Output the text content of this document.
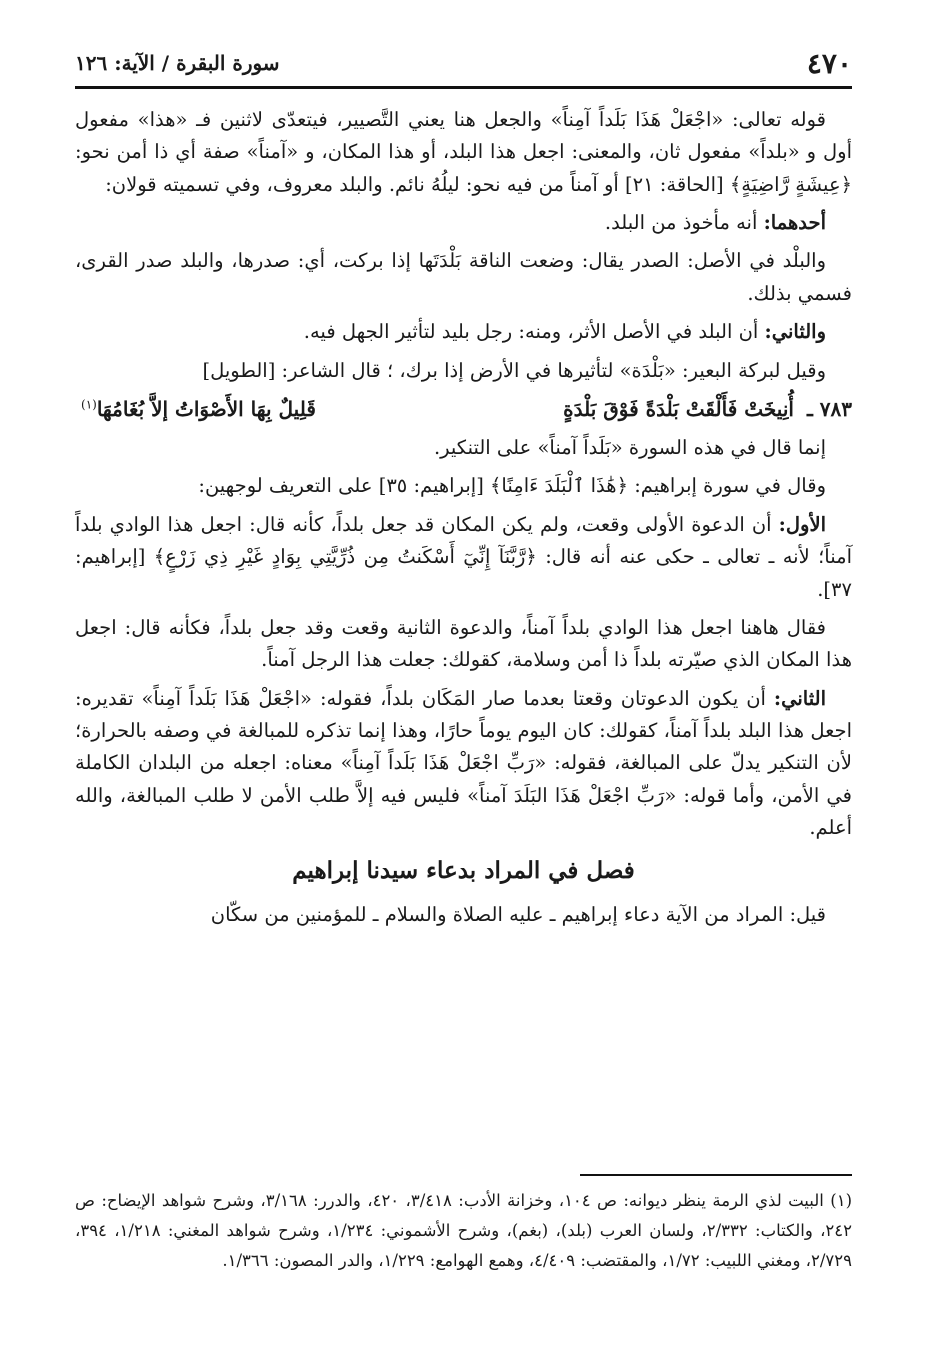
٤٧٠
سورة البقرة / الآية: ١٢٦

قوله تعالى: «اجْعَلْ هَذَا بَلَداً آمِناً» والجعل هنا يعني التَّصيير، فيتعدّى لاثنين فـ «هذا» مفعول أول و «بلداً» مفعول ثان، والمعنى: اجعل هذا البلد، أو هذا المكان، و «آمناً» صفة أي ذا أمن نحو: ﴿عِيشَةٍ رَّاضِيَةٍ﴾ [الحاقة: ٢١] أو آمناً من فيه نحو: ليلُهُ نائم. والبلد معروف، وفي تسميته قولان:

أحدهما: أنه مأخوذ من البلد.

والبلْد في الأصل: الصدر يقال: وضعت الناقة بَلْدَتَها إذا بركت، أي: صدرها، والبلد صدر القرى، فسمي بذلك.

والثاني: أن البلد في الأصل الأثر، ومنه: رجل بليد لتأثير الجهل فيه.

وقيل لبركة البعير: «بَلْدَة» لتأثيرها في الأرض إذا برك، ؛ قال الشاعر: [الطويل]

٧٨٣ ـ أُنِيخَتْ فَأَلْقَتْ بَلْدَةً فَوْقَ بَلْدَةٍ
قَلِيلٌ بِهَا الأَصْوَاتُ إلاَّ بُغَامُهَا$^{(١)}$

إنما قال في هذه السورة «بَلَداً آمناً» على التنكير.

وقال في سورة إبراهيم: ﴿هَٰذَا ٱلْبَلَدَ ءَامِنًا﴾ [إبراهيم: ٣٥] على التعريف لوجهين:

الأول: أن الدعوة الأولى وقعت، ولم يكن المكان قد جعل بلداً، كأنه قال: اجعل هذا الوادي بلداً آمناً؛ لأنه ـ تعالى ـ حكى عنه أنه قال: ﴿رَّبَّنَآ إِنِّيٓ أَسْكَنتُ مِن ذُرِّيَّتِي بِوَادٍ غَيْرِ ذِي زَرْعٍ﴾ [إبراهيم: ٣٧].

فقال هاهنا اجعل هذا الوادي بلداً آمناً، والدعوة الثانية وقعت وقد جعل بلداً، فكأنه قال: اجعل هذا المكان الذي صيّرته بلداً ذا أمن وسلامة، كقولك: جعلت هذا الرجل آمناً.

الثاني: أن يكون الدعوتان وقعتا بعدما صار المَكَان بلداً، فقوله: «اجْعَلْ هَذَا بَلَداً آمِناً» تقديره: اجعل هذا البلد بلداً آمناً، كقولك: كان اليوم يوماً حارًا، وهذا إنما تذكره للمبالغة في وصفه بالحرارة؛ لأن التنكير يدلّ على المبالغة، فقوله: «رَبِّ اجْعَلْ هَذَا بَلَداً آمِناً» معناه: اجعله من البلدان الكاملة في الأمن، وأما قوله: «رَبِّ اجْعَلْ هَذَا البَلَدَ آمناً» فليس فيه إلاَّ طلب الأمن لا طلب المبالغة، والله أعلم.

فصل في المراد بدعاء سيدنا إبراهيم

قيل: المراد من الآية دعاء إبراهيم ـ عليه الصلاة والسلام ـ للمؤمنين من سكّان

(١) البيت لذي الرمة ينظر ديوانه: ص ١٠٤، وخزانة الأدب: ٣/٤١٨، ٤٢٠، والدرر: ٣/١٦٨، وشرح شواهد الإيضاح: ص ٢٤٢، والكتاب: ٢/٣٣٢، ولسان العرب (بلد)، (بغم)، وشرح الأشموني: ١/٢٣٤، وشرح شواهد المغني: ١/٢١٨، ٣٩٤، ٢/٧٢٩، ومغني اللبيب: ١/٧٢، والمقتضب: ٤/٤٠٩، وهمع الهوامع: ١/٢٢٩، والدر المصون: ١/٣٦٦.
